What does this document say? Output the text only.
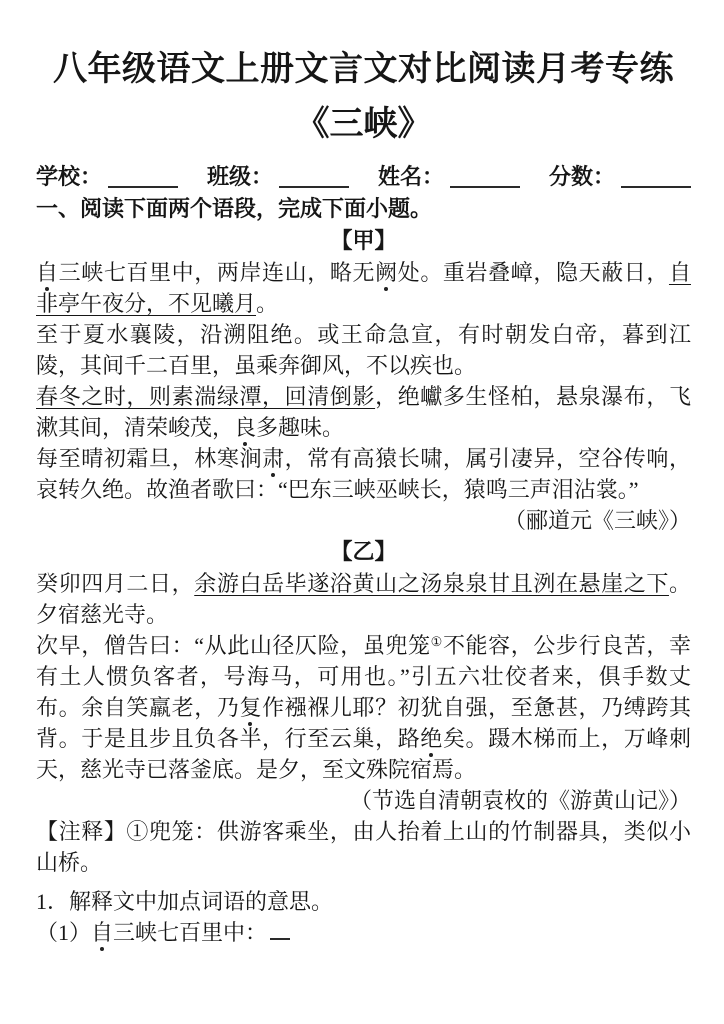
八年级语文上册文言文对比阅读月考专练
《三峡》
学校：	班级：	姓名：	分数：
一、阅读下面两个语段，完成下面小题。
【甲】

自三峡七百里中，两岸连山，略无阙处。重岩叠嶂，隐天蔽日，自非亭午夜分，不见曦月。

至于夏水襄陵，沿溯阻绝。或王命急宣，有时朝发白帝，暮到江陵，其间千二百里，虽乘奔御风，不以疾也。

春冬之时，则素湍绿潭，回清倒影，绝巘多生怪柏，悬泉瀑布，飞漱其间，清荣峻茂，良多趣味。

每至晴初霜旦，林寒涧肃，常有高猿长啸，属引凄异，空谷传响，哀转久绝。故渔者歌曰：“巴东三峡巫峡长，猿鸣三声泪沾裳。”

（郦道元《三峡》）

【乙】

癸卯四月二日，余游白岳毕遂浴黄山之汤泉泉甘且洌在悬崖之下。夕宿慈光寺。

次早，僧告曰：“从此山径仄险，虽兜笼①不能容，公步行良苦，幸有土人惯负客者，号海马，可用也。”引五六壮佼者来，俱手数丈布。余自笑羸老，乃复作襁褓儿耶？初犹自强，至惫甚，乃缚跨其背。于是且步且负各半，行至云巢，路绝矣。蹑木梯而上，万峰刺天，慈光寺已落釜底。是夕，至文殊院宿焉。

（节选自清朝袁枚的《游黄山记》）

【注释】①兜笼：供游客乘坐，由人抬着上山的竹制器具，类似小山桥。

1．解释文中加点词语的意思。

（1）自三峡七百里中：
